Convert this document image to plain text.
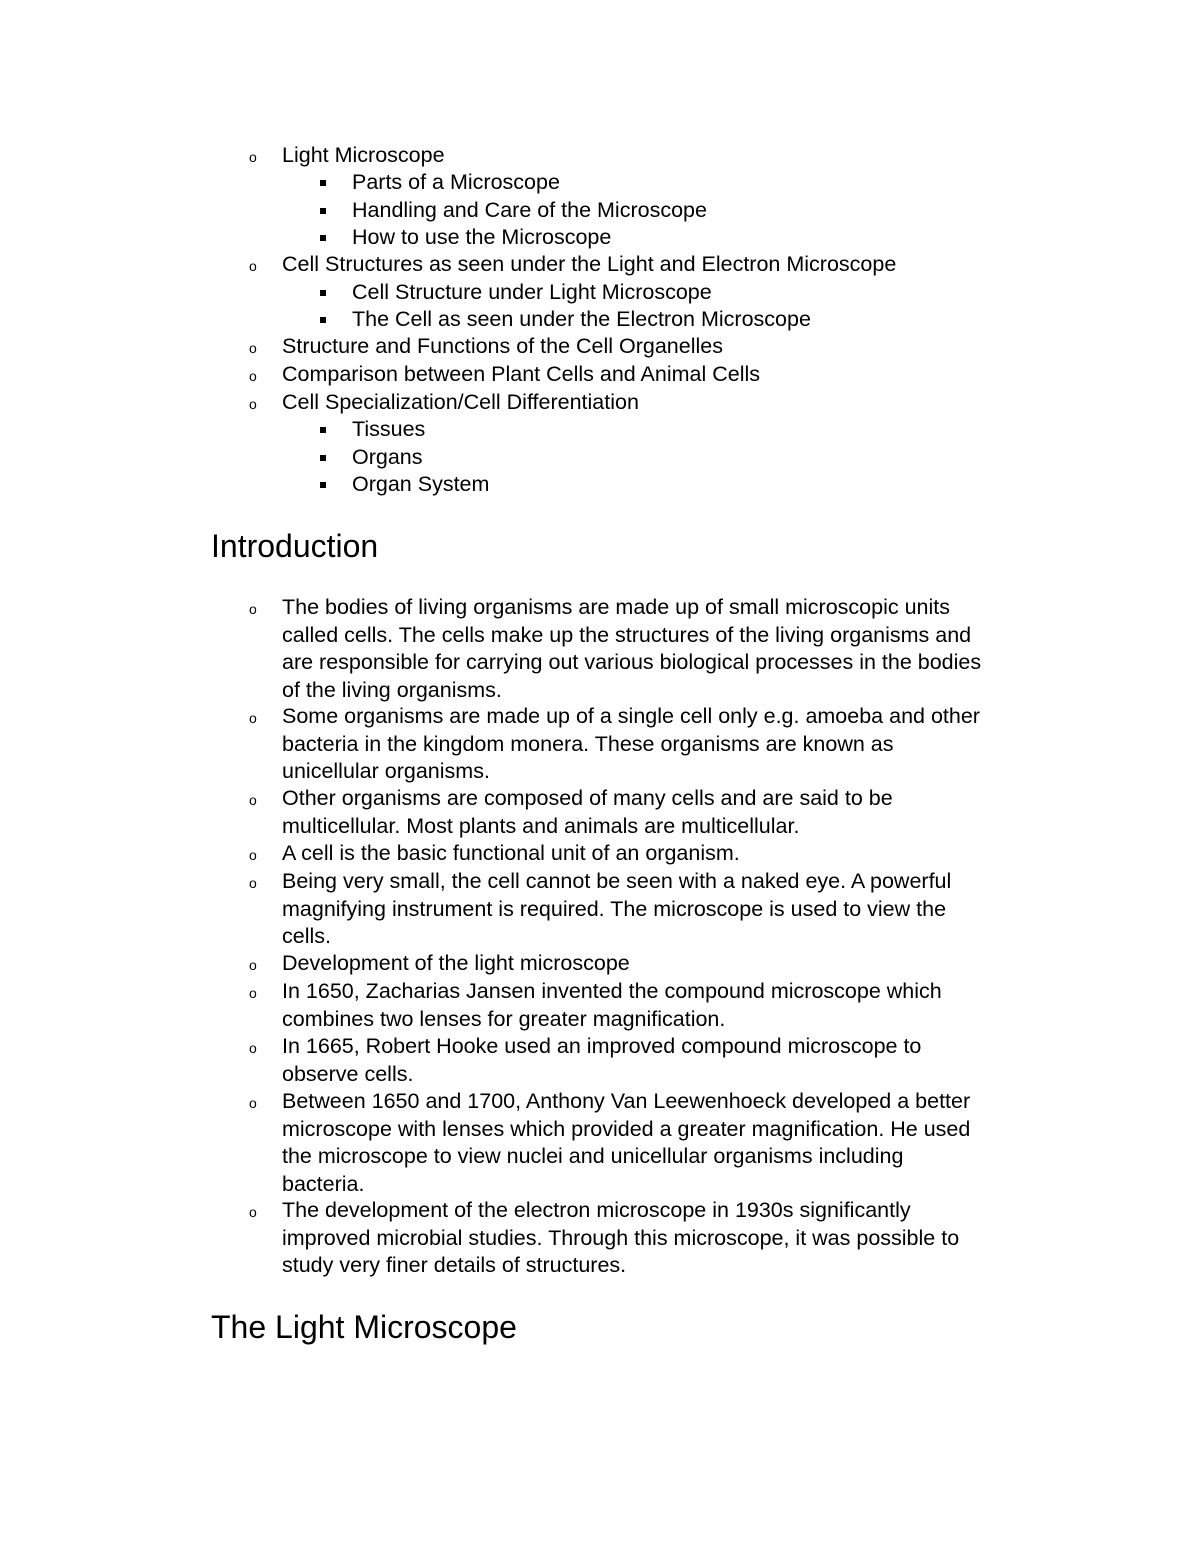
o Light Microscope
Parts of a Microscope
Handling and Care of the Microscope
How to use the Microscope
o Cell Structures as seen under the Light and Electron Microscope
Cell Structure under Light Microscope
The Cell as seen under the Electron Microscope
o Structure and Functions of the Cell Organelles
o Comparison between Plant Cells and Animal Cells
o Cell Specialization/Cell Differentiation
Tissues
Organs
Organ System
Introduction
o The bodies of living organisms are made up of small microscopic units
called cells. The cells make up the structures of the living organisms and
are responsible for carrying out various biological processes in the bodies
of the living organisms.
o Some organisms are made up of a single cell only e.g. amoeba and other
bacteria in the kingdom monera. These organisms are known as
unicellular organisms.
o Other organisms are composed of many cells and are said to be
multicellular. Most plants and animals are multicellular.
o A cell is the basic functional unit of an organism.
o Being very small, the cell cannot be seen with a naked eye. A powerful
magnifying instrument is required. The microscope is used to view the
cells.
o Development of the light microscope
o In 1650, Zacharias Jansen invented the compound microscope which
combines two lenses for greater magnification.
o In 1665, Robert Hooke used an improved compound microscope to
observe cells.
o Between 1650 and 1700, Anthony Van Leewenhoeck developed a better
microscope with lenses which provided a greater magnification. He used
the microscope to view nuclei and unicellular organisms including
bacteria.
o The development of the electron microscope in 1930s significantly
improved microbial studies. Through this microscope, it was possible to
study very finer details of structures.
The Light Microscope
